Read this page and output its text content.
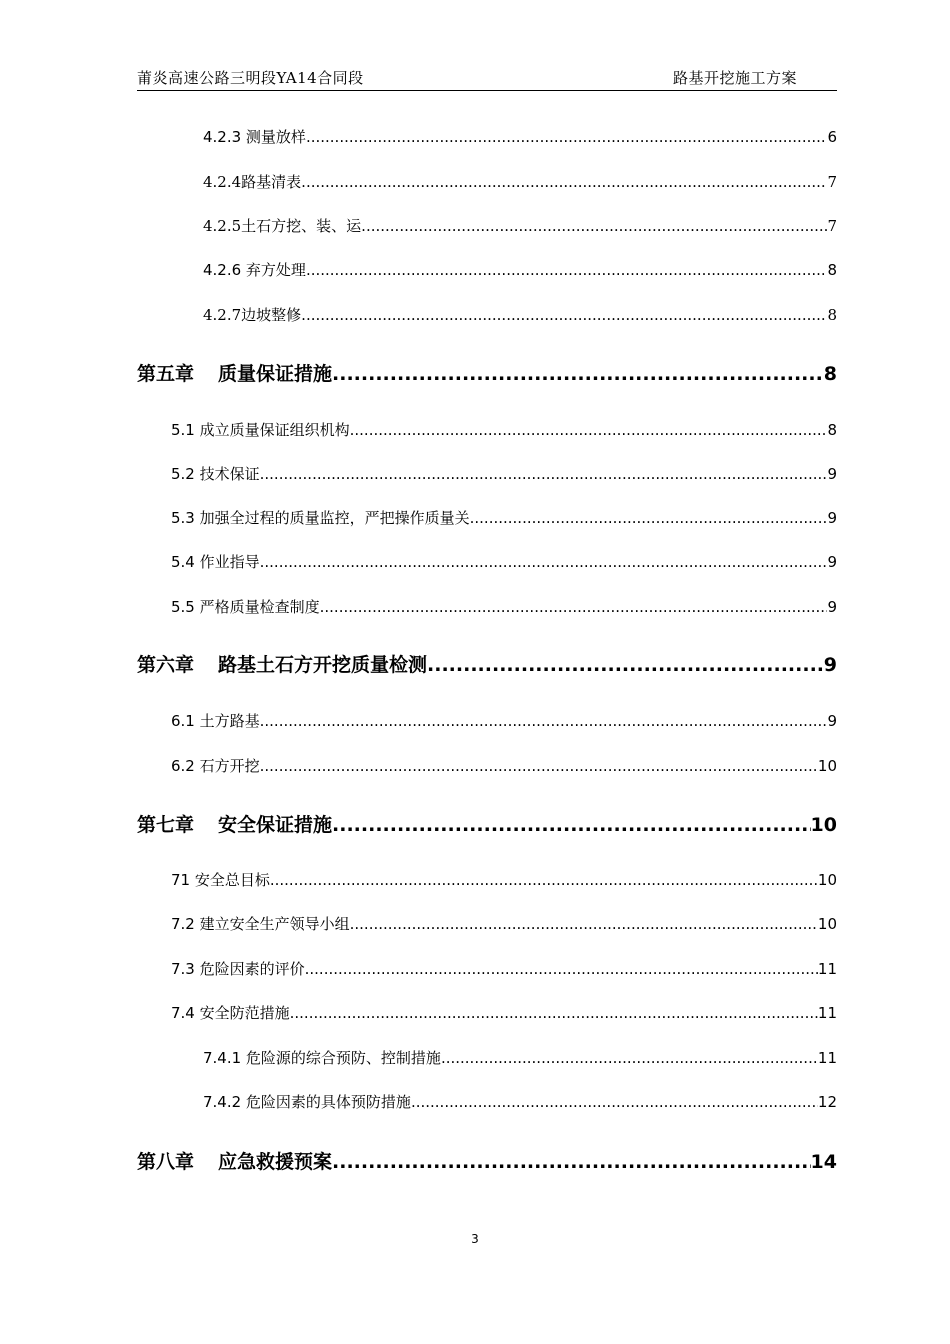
莆炎高速公路三明段YA14合同段	路基开挖施工方案
4.2.3 测量放样 .....	6
4.2.4路基清表 .....	7
4.2.5土石方挖、装、运 .....	7
4.2.6 弃方处理 .....	8
4.2.7边坡整修 .....	8
第五章 质量保证措施 .....	8
5.1 成立质量保证组织机构 .....	8
5.2 技术保证 .....	9
5.3 加强全过程的质量监控，严把操作质量关 .....	9
5.4 作业指导 .....	9
5.5 严格质量检查制度 .....	9
第六章 路基土石方开挖质量检测 .....	9
6.1 土方路基 .....	9
6.2 石方开挖 .....	10
第七章 安全保证措施 .....	10
71 安全总目标 .....	10
7.2 建立安全生产领导小组 .....	10
7.3 危险因素的评价 .....	11
7.4 安全防范措施 .....	11
7.4.1 危险源的综合预防、控制措施 .....	11
7.4.2 危险因素的具体预防措施 .....	12
第八章 应急救援预案 .....	14
3
